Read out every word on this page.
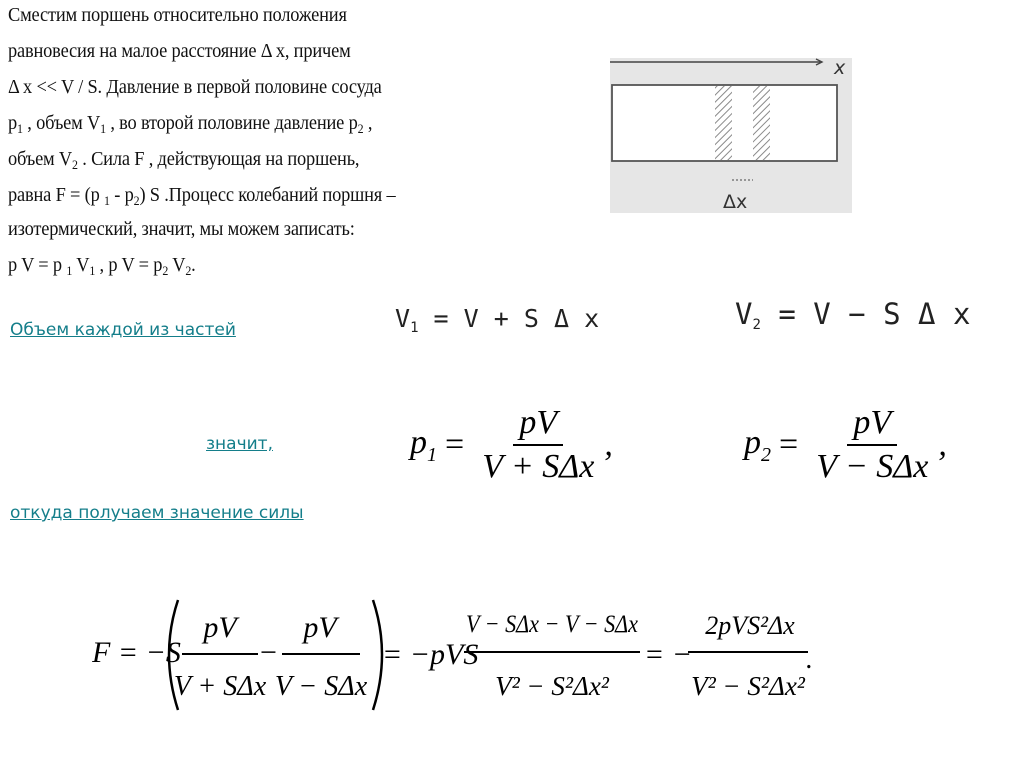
Сместим поршень относительно положения
равновесия на малое расстояние Δ x, причем
Δ x << V / S. Давление в первой половине сосуда
$p_1$ , объем $V_1$ , во второй половине давление $p_2$ ,
объем $V_2$ . Сила F , действующая на поршень,
равна F = (p $_1 - p_2$) S .Процесс колебаний поршня –
изотермический, значит, мы можем записать:
p V = p $_1$ $V_1$ , p $V = p_2$ $V_2$.
x
Δx
Объем каждой из частей	$V_1 = V + S$ Δ x	$V_2 = V - S$ Δ x
значит,	$p_1 = \frac{pV}{\text{V + SΔx}}$ ,	$p_2 = \frac{pV}{\text{V − SΔx}}$ ,
откуда получаем значение силы
F = −S
pV
V + SΔx
−
pV
V − SΔx
= −pVS
V − SΔx − V − SΔx
V² − S²Δx²
= −
2pVS²Δx
V² − S²Δx²
.
